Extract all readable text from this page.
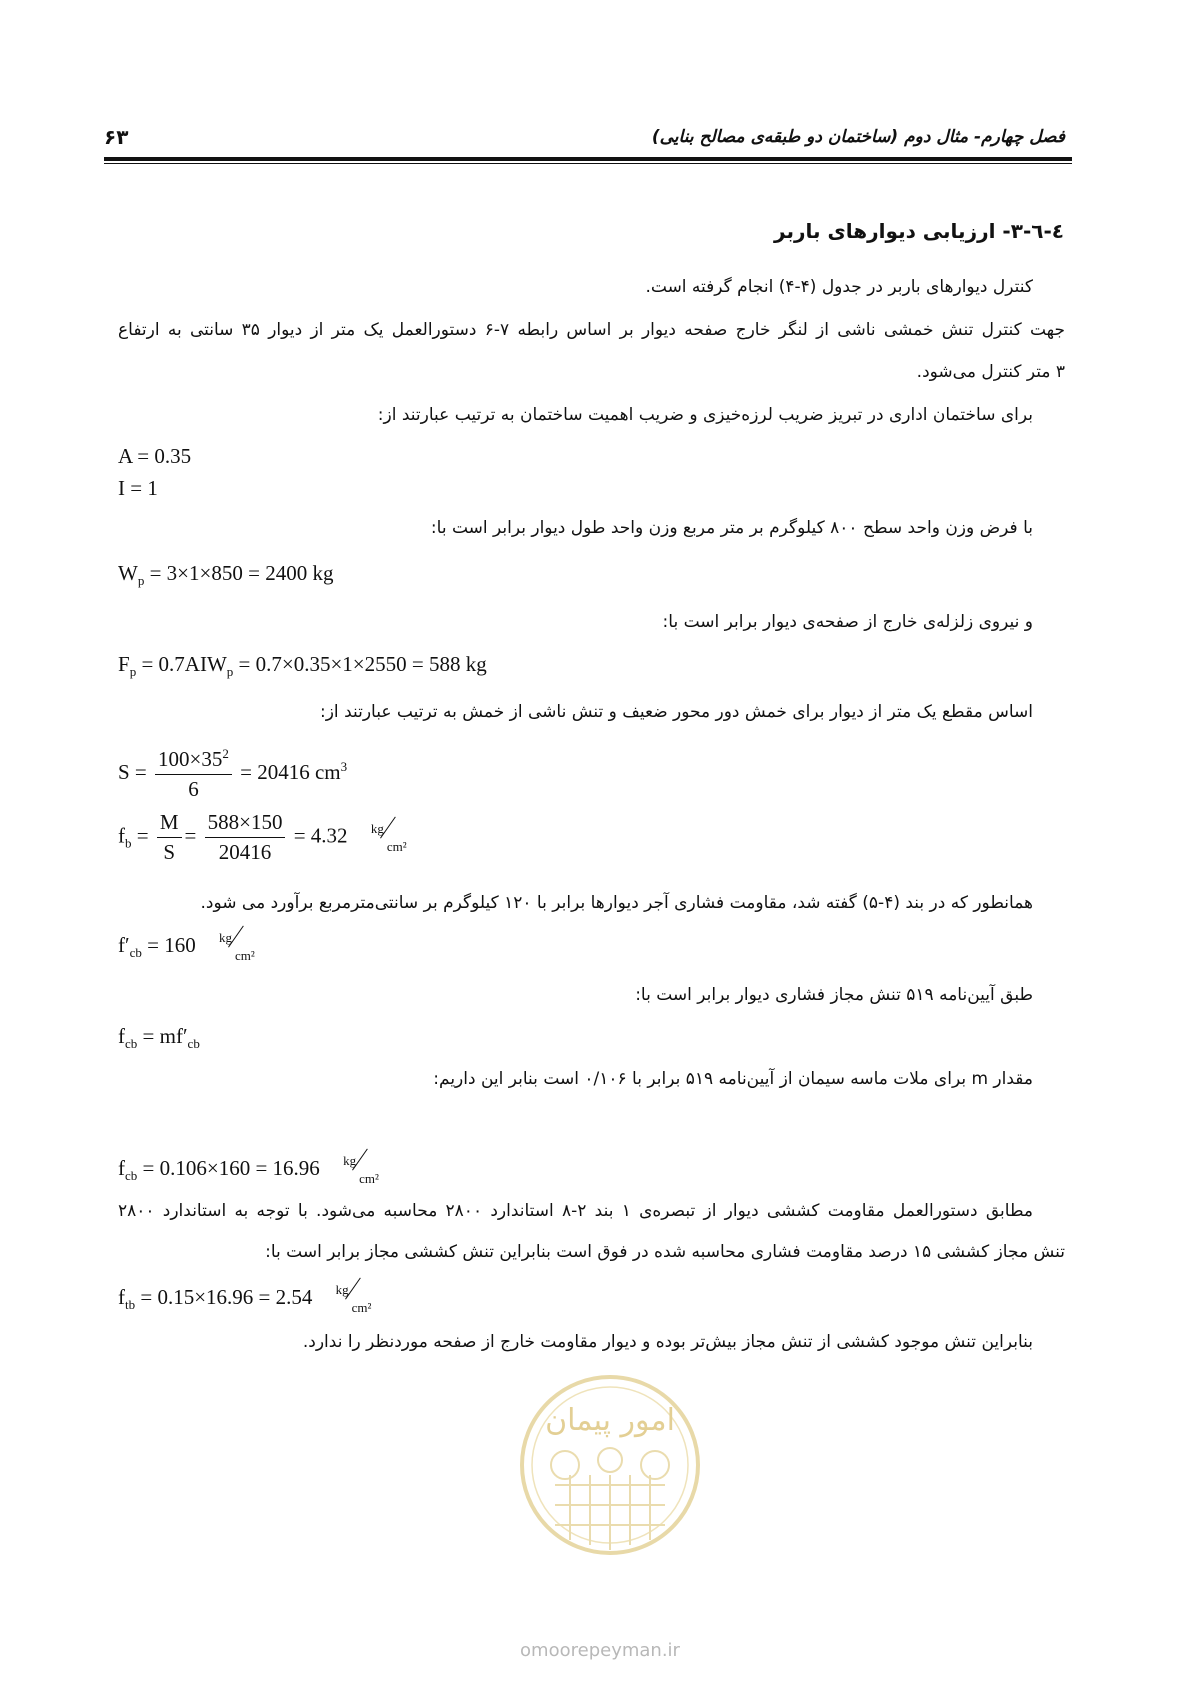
فصل چهارم- مثال دوم (ساختمان دو طبقه‌ی مصالح بنایی)
۶۳
٤-٦-٣- ارزیابی دیوارهای باربر
کنترل دیوارهای باربر در جدول (۴-۴) انجام گرفته است.
جهت کنترل تنش خمشی ناشی از لنگر خارج صفحه دیوار بر اساس رابطه ۷-۶ دستورالعمل یک متر از دیوار ۳۵ سانتی به ارتفاع
۳ متر کنترل می‌شود.
برای ساختمان اداری در تبریز ضریب لرزه‌خیزی و ضریب اهمیت ساختمان به ترتیب عبارتند از:
A = 0.35
I = 1
با فرض وزن واحد سطح ۸۰۰ کیلوگرم بر متر مربع وزن واحد طول دیوار برابر است با:
$W_p = 3\times 1\times 850 = 2400$ kg
و نیروی زلزله‌ی خارج از صفحه‌ی دیوار برابر است با:
$F_p = 0.7AIW_p = 0.7\times 0.35\times 1\times 2550 = 588$ kg
اساس مقطع یک متر از دیوار برای خمش دور محور ضعیف و تنش ناشی از خمش به ترتیب عبارتند از:
$S = \frac{100\times 35^2}{6} = 20416$ $cm^3$
$f_b = \frac{M}{S} = \frac{588\times 150}{20416} = 4.32$ kg
cm²
همانطور که در بند (۴-۵) گفته شد، مقاومت فشاری آجر دیوارها برابر با ۱۲۰ کیلوگرم بر سانتی‌مترمربع برآورد می شود.
$f'_{cb} = 160$ kg
cm²
طبق آیین‌نامه ۵۱۹ تنش مجاز فشاری دیوار برابر است با:
$f_{cb} = mf'_{cb}$
مقدار m برای ملات ماسه سیمان از آیین‌نامه ۵۱۹ برابر با ۰/۱۰۶ است بنابر این داریم:
$f_{cb} = 0.106\times 160 = 16.96$ kg
cm²
مطابق دستورالعمل مقاومت کششی دیوار از تبصره‌ی ۱ بند ۲-۸ استاندارد ۲۸۰۰ محاسبه می‌شود. با توجه به استاندارد ۲۸۰۰
تنش مجاز کششی ۱۵ درصد مقاومت فشاری محاسبه شده در فوق است بنابراین تنش کششی مجاز برابر است با:
$f_{tb} = 0.15\times 16.96 = 2.54$ kg
cm²
بنابراین تنش موجود کششی از تنش مجاز بیش‌تر بوده و دیوار مقاومت خارج از صفحه موردنظر را ندارد.
امور پیمان
omoorepeyman.ir
